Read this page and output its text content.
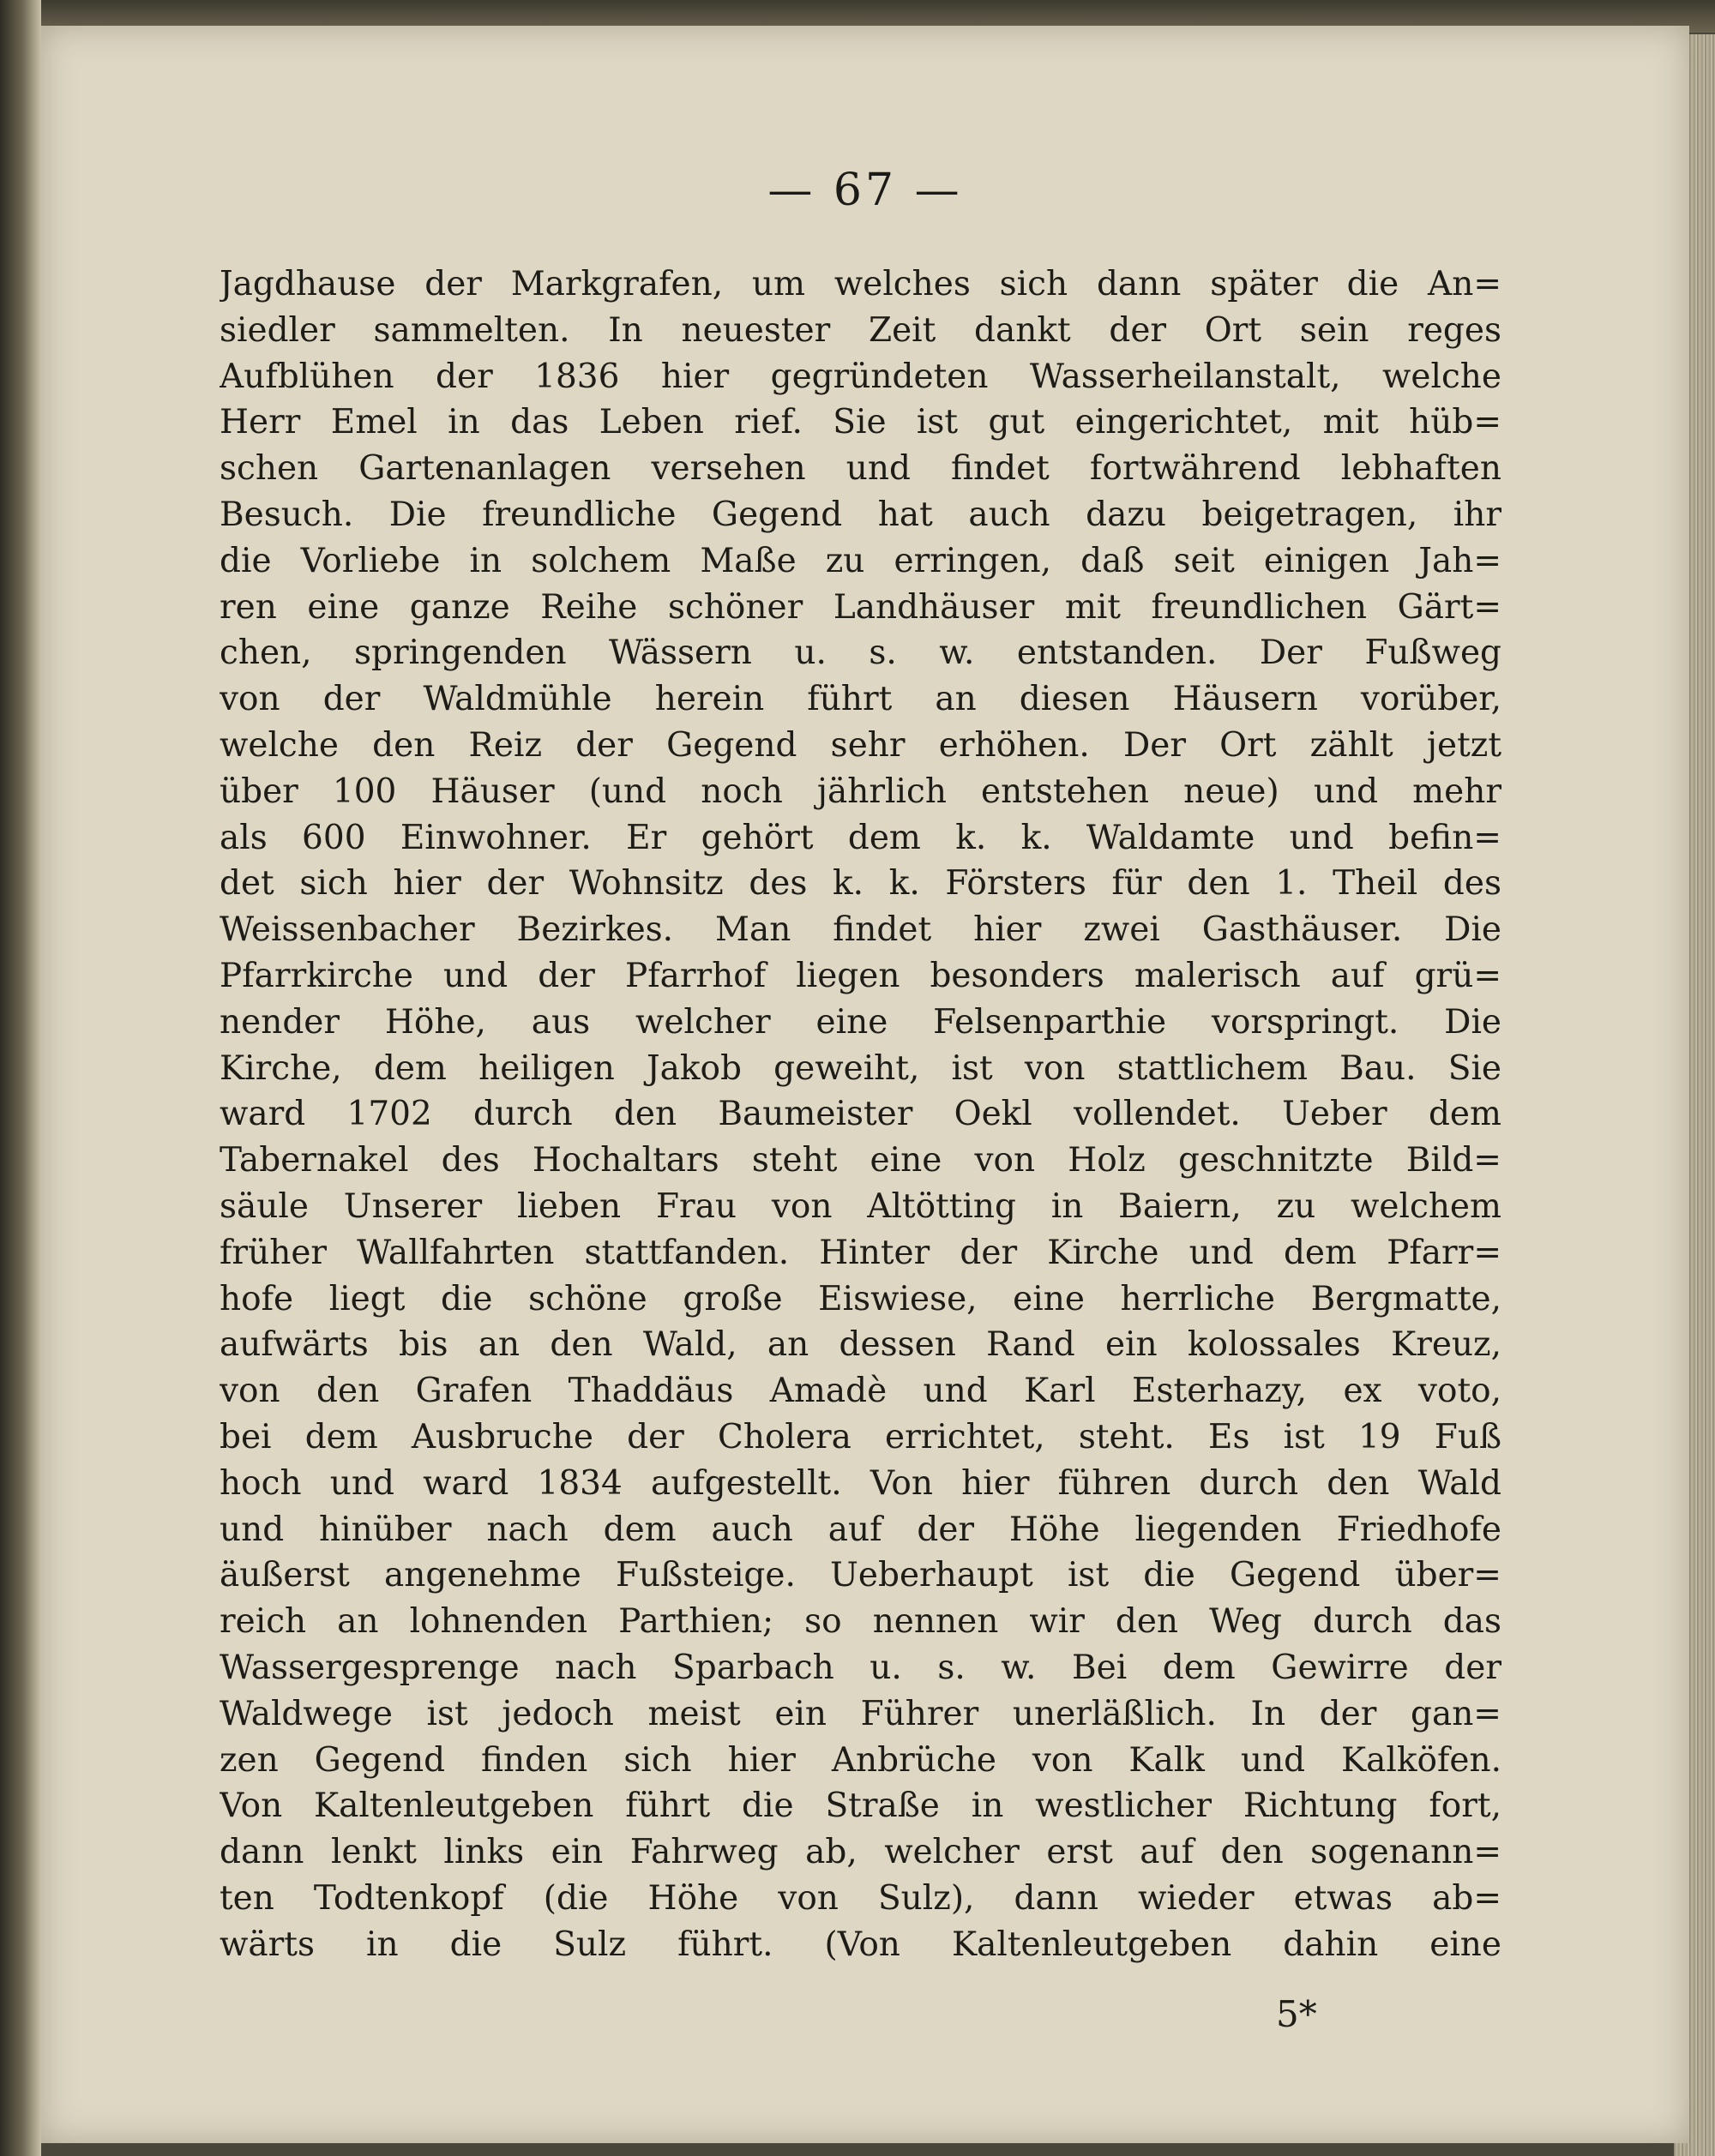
— 67 —
Jagdhause der Markgrafen, um welches sich dann später die An=
siedler sammelten. In neuester Zeit dankt der Ort sein reges
Aufblühen der 1836 hier gegründeten Wasserheilanstalt, welche
Herr Emel in das Leben rief. Sie ist gut eingerichtet, mit hüb=
schen Gartenanlagen versehen und findet fortwährend lebhaften
Besuch. Die freundliche Gegend hat auch dazu beigetragen, ihr
die Vorliebe in solchem Maße zu erringen, daß seit einigen Jah=
ren eine ganze Reihe schöner Landhäuser mit freundlichen Gärt=
chen, springenden Wässern u. s. w. entstanden. Der Fußweg
von der Waldmühle herein führt an diesen Häusern vorüber,
welche den Reiz der Gegend sehr erhöhen. Der Ort zählt jetzt
über 100 Häuser (und noch jährlich entstehen neue) und mehr
als 600 Einwohner. Er gehört dem k. k. Waldamte und befin=
det sich hier der Wohnsitz des k. k. Försters für den 1. Theil des
Weissenbacher Bezirkes. Man findet hier zwei Gasthäuser. Die
Pfarrkirche und der Pfarrhof liegen besonders malerisch auf grü=
nender Höhe, aus welcher eine Felsenparthie vorspringt. Die
Kirche, dem heiligen Jakob geweiht, ist von stattlichem Bau. Sie
ward 1702 durch den Baumeister Oekl vollendet. Ueber dem
Tabernakel des Hochaltars steht eine von Holz geschnitzte Bild=
säule Unserer lieben Frau von Altötting in Baiern, zu welchem
früher Wallfahrten stattfanden. Hinter der Kirche und dem Pfarr=
hofe liegt die schöne große Eiswiese, eine herrliche Bergmatte,
aufwärts bis an den Wald, an dessen Rand ein kolossales Kreuz,
von den Grafen Thaddäus Amadè und Karl Esterhazy, ex voto,
bei dem Ausbruche der Cholera errichtet, steht. Es ist 19 Fuß
hoch und ward 1834 aufgestellt. Von hier führen durch den Wald
und hinüber nach dem auch auf der Höhe liegenden Friedhofe
äußerst angenehme Fußsteige. Ueberhaupt ist die Gegend über=
reich an lohnenden Parthien; so nennen wir den Weg durch das
Wassergesprenge nach Sparbach u. s. w. Bei dem Gewirre der
Waldwege ist jedoch meist ein Führer unerläßlich. In der gan=
zen Gegend finden sich hier Anbrüche von Kalk und Kalköfen.
Von Kaltenleutgeben führt die Straße in westlicher Richtung fort,
dann lenkt links ein Fahrweg ab, welcher erst auf den sogenann=
ten Todtenkopf (die Höhe von Sulz), dann wieder etwas ab=
wärts in die Sulz führt. (Von Kaltenleutgeben dahin eine
5*
